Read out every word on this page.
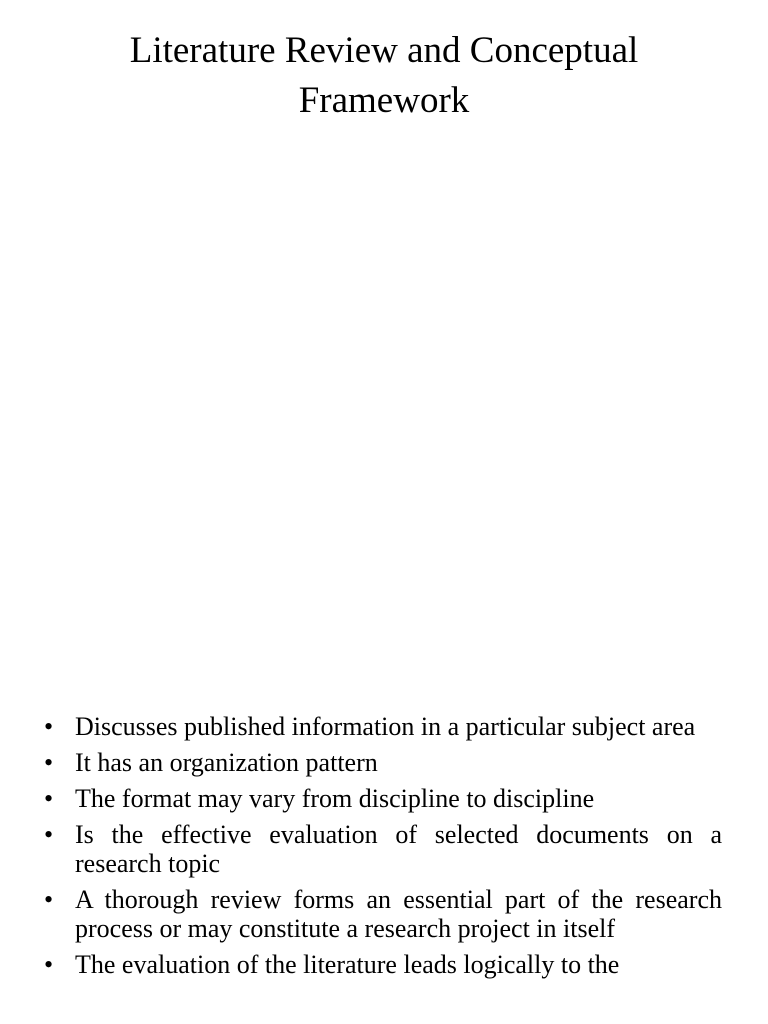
Literature Review and Conceptual
Framework
• Discusses published information in a particular subject area
• It has an organization pattern
• The format may vary from discipline to discipline
• Is the effective evaluation of selected documents on a research topic
• A thorough review forms an essential part of the research process or may constitute a research project in itself
• The evaluation of the literature leads logically to the
